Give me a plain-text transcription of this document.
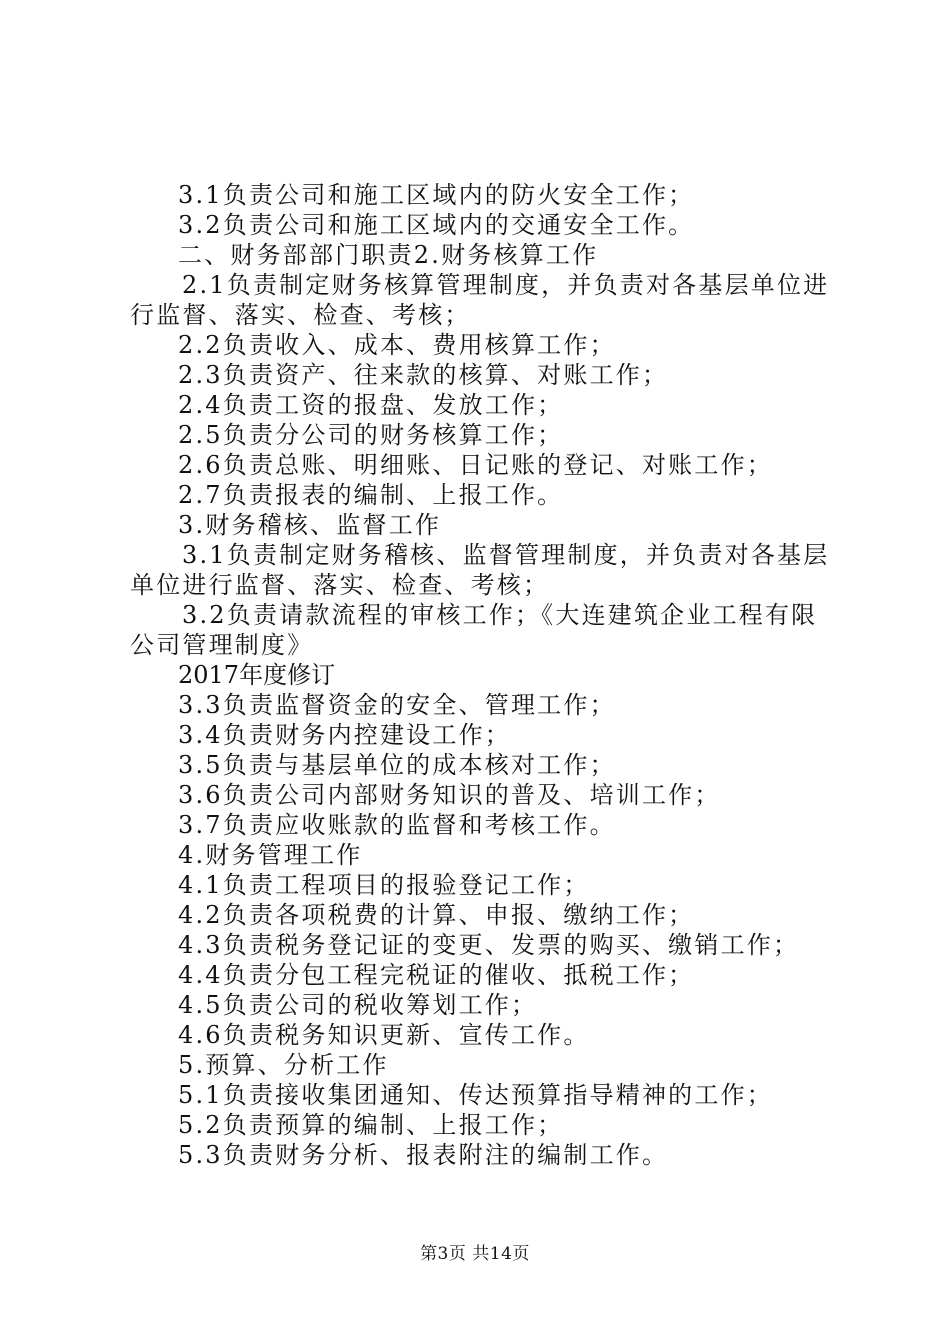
3.1负责公司和施工区域内的防火安全工作；
3.2负责公司和施工区域内的交通安全工作。
二、财务部部门职责2.财务核算工作
2.1负责制定财务核算管理制度，并负责对各基层单位进
行监督、落实、检查、考核；
2.2负责收入、成本、费用核算工作；
2.3负责资产、往来款的核算、对账工作；
2.4负责工资的报盘、发放工作；
2.5负责分公司的财务核算工作；
2.6负责总账、明细账、日记账的登记、对账工作；
2.7负责报表的编制、上报工作。
3.财务稽核、监督工作
3.1负责制定财务稽核、监督管理制度，并负责对各基层
单位进行监督、落实、检查、考核；
3.2负责请款流程的审核工作；《大连建筑企业工程有限
公司管理制度》
2017年度修订
3.3负责监督资金的安全、管理工作；
3.4负责财务内控建设工作；
3.5负责与基层单位的成本核对工作；
3.6负责公司内部财务知识的普及、培训工作；
3.7负责应收账款的监督和考核工作。
4.财务管理工作
4.1负责工程项目的报验登记工作；
4.2负责各项税费的计算、申报、缴纳工作；
4.3负责税务登记证的变更、发票的购买、缴销工作；
4.4负责分包工程完税证的催收、抵税工作；
4.5负责公司的税收筹划工作；
4.6负责税务知识更新、宣传工作。
5.预算、分析工作
5.1负责接收集团通知、传达预算指导精神的工作；
5.2负责预算的编制、上报工作；
5.3负责财务分析、报表附注的编制工作。
第3页 共14页
